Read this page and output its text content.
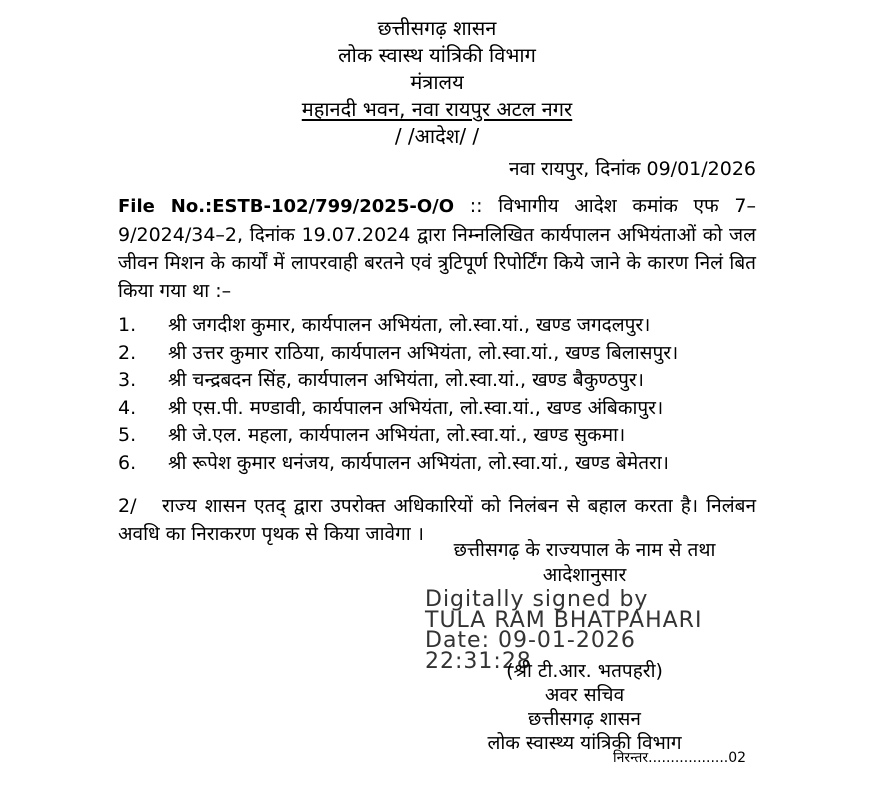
छत्तीसगढ़ शासन
लोक स्वास्थ यांत्रिकी विभाग
मंत्रालय
महानदी भवन, नवा रायपुर अटल नगर
/ /आदेश/ /
नवा रायपुर, दिनांक 09/01/2026

File No.:ESTB-102/799/2025-O/O :: विभागीय आदेश कमांक एफ 7–9/2024/34–2, दिनांक 19.07.2024 द्वारा निम्नलिखित कार्यपालन अभियंताओं को जल जीवन मिशन के कार्यों में लापरवाही बरतने एवं त्रुटिपूर्ण रिपोर्टिंग किये जाने के कारण निलं बित किया गया था :–

1.	श्री जगदीश कुमार, कार्यपालन अभियंता, लो.स्वा.यां., खण्ड जगदलपुर।
2.	श्री उत्तर कुमार राठिया, कार्यपालन अभियंता, लो.स्वा.यां., खण्ड बिलासपुर।
3.	श्री चन्द्रबदन सिंह, कार्यपालन अभियंता, लो.स्वा.यां., खण्ड बैकुण्ठपुर।
4.	श्री एस.पी. मण्डावी, कार्यपालन अभियंता, लो.स्वा.यां., खण्ड अंबिकापुर।
5.	श्री जे.एल. महला, कार्यपालन अभियंता, लो.स्वा.यां., खण्ड सुकमा।
6.	श्री रूपेश कुमार धनंजय, कार्यपालन अभियंता, लो.स्वा.यां., खण्ड बेमेतरा।

2/ राज्य शासन एतद् द्वारा उपरोक्त अधिकारियों को निलंबन से बहाल करता है। निलंबन अवधि का निराकरण पृथक से किया जावेगा ।

छत्तीसगढ़ के राज्यपाल के नाम से तथा
आदेशानुसार
Digitally signed by
TULA RAM BHATPAHARI
Date: 09-01-2026
22:31:28
(श्री टी.आर. भतपहरी)
अवर सचिव
छत्तीसगढ़ शासन
लोक स्वास्थ्य यांत्रिकी विभाग
निरन्तर..................02
